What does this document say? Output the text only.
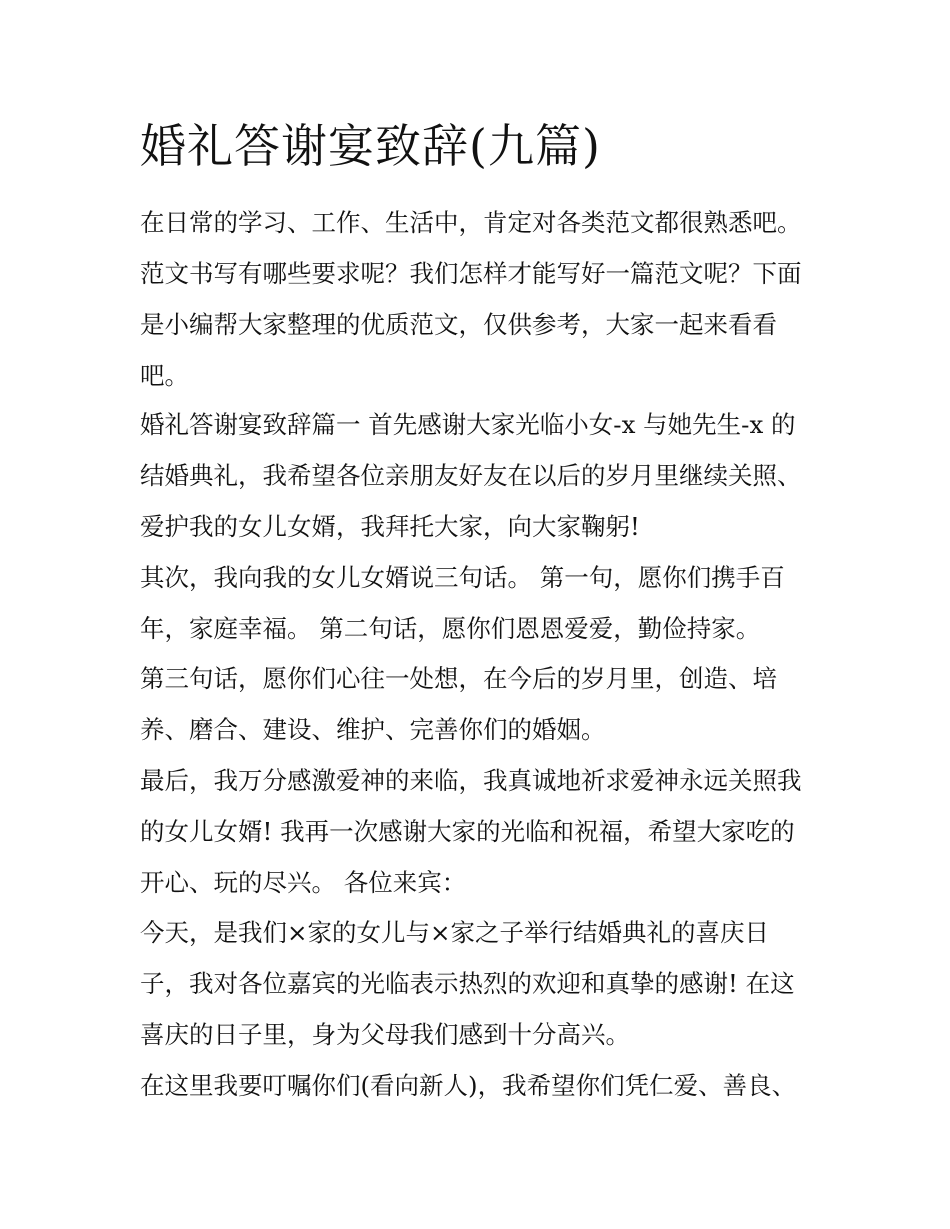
婚礼答谢宴致辞(九篇)

在日常的学习、工作、生活中，肯定对各类范文都很熟悉吧。

范文书写有哪些要求呢？我们怎样才能写好一篇范文呢？下面

是小编帮大家整理的优质范文，仅供参考，大家一起来看看

吧。

婚礼答谢宴致辞篇一 首先感谢大家光临小女-x 与她先生-x 的

结婚典礼，我希望各位亲朋友好友在以后的岁月里继续关照、

爱护我的女儿女婿，我拜托大家，向大家鞠躬!

其次，我向我的女儿女婿说三句话。 第一句，愿你们携手百

年，家庭幸福。 第二句话，愿你们恩恩爱爱，勤俭持家。

第三句话，愿你们心往一处想，在今后的岁月里，创造、培

养、磨合、建设、维护、完善你们的婚姻。

最后，我万分感激爱神的来临，我真诚地祈求爱神永远关照我

的女儿女婿! 我再一次感谢大家的光临和祝福，希望大家吃的

开心、玩的尽兴。 各位来宾：

今天，是我们×家的女儿与×家之子举行结婚典礼的喜庆日

子，我对各位嘉宾的光临表示热烈的欢迎和真挚的感谢! 在这

喜庆的日子里，身为父母我们感到十分高兴。

在这里我要叮嘱你们(看向新人)，我希望你们凭仁爱、善良、
